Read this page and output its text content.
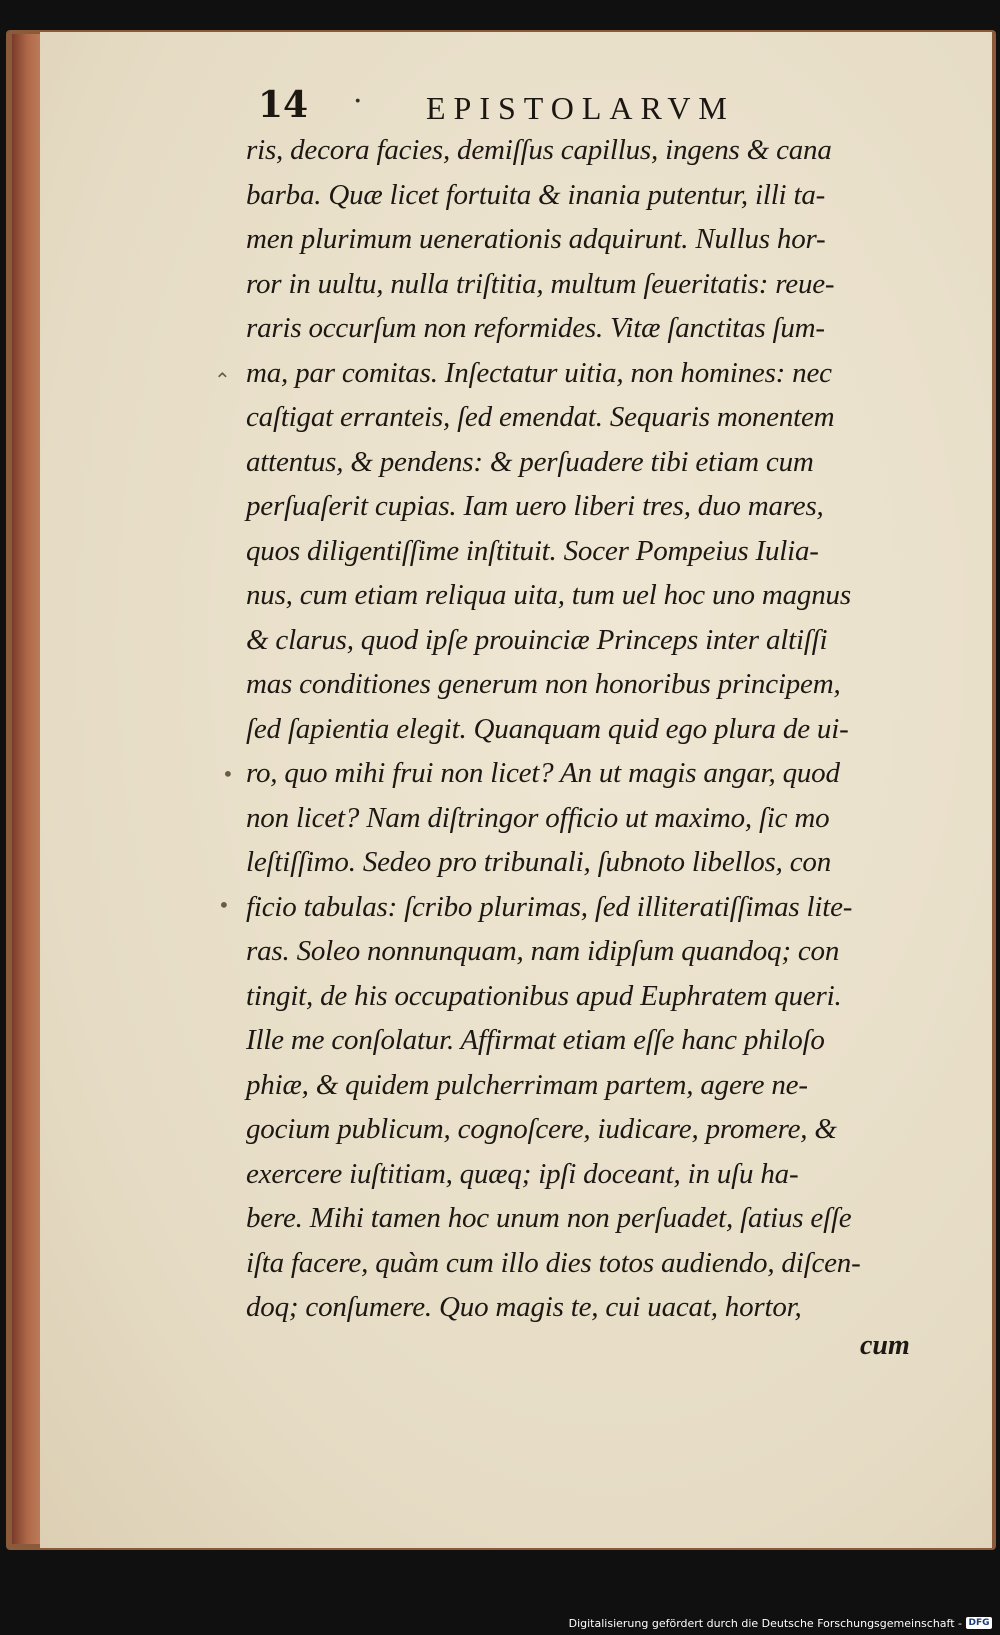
14 · EPISTOLARVM
ris, decora facies, demiſſus capillus, ingens & cana
barba. Quæ licet fortuita & inania putentur, illi ta-
men plurimum uenerationis adquirunt. Nullus hor-
ror in uultu, nulla triſtitia, multum ſeueritatis: reue-
raris occurſum non reformides. Vitæ ſanctitas ſum-
ma, par comitas. Inſectatur uitia, non homines: nec
caſtigat erranteis, ſed emendat. Sequaris monentem
attentus, & pendens: & perſuadere tibi etiam cum
perſuaſerit cupias. Iam uero liberi tres, duo mares,
quos diligentiſſime inſtituit. Socer Pompeius Iulia-
nus, cum etiam reliqua uita, tum uel hoc uno magnus
& clarus, quod ipſe prouinciæ Princeps inter altiſſi
mas conditiones generum non honoribus principem,
ſed ſapientia elegit. Quanquam quid ego plura de ui-
ro, quo mihi frui non licet? An ut magis angar, quod
non licet? Nam diſtringor officio ut maximo, ſic mo
leſtiſſimo. Sedeo pro tribunali, ſubnoto libellos, con
ficio tabulas: ſcribo plurimas, ſed illiteratiſſimas lite-
ras. Soleo nonnunquam, nam idipſum quandoq; con
tingit, de his occupationibus apud Euphratem queri.
Ille me conſolatur. Affirmat etiam eſſe hanc philoſo
phiæ, & quidem pulcherrimam partem, agere ne-
gocium publicum, cognoſcere, iudicare, promere, &
exercere iuſtitiam, quæq; ipſi doceant, in uſu ha-
bere. Mihi tamen hoc unum non perſuadet, ſatius eſſe
iſta facere, quàm cum illo dies totos audiendo, diſcen-
doq; conſumere. Quo magis te, cui uacat, hortor,
cum
⌃
•
•
Digitalisierung gefördert durch die Deutsche Forschungsgemeinschaft - DFG
